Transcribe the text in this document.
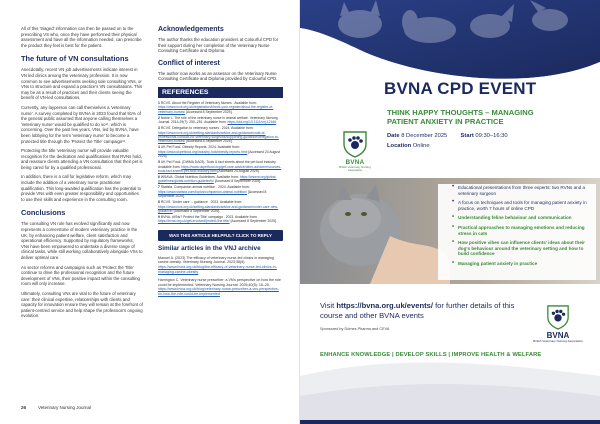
All of this 'triaged' information can then be passed on to the prescribing VS who, once they have performed their physical assessment and have all the information needed, can prescribe the product they feel is best for the patient.
The future of VN consultations
Anecdotally, recent VN job advertisements indicate interest in VN led clinics among the veterinary profession. It is now common to see advertisements seeking sole consulting VNs, or VNs to structure and expand a practice's VN consultations. This may be as a result of practices and their clients seeing the benefit of VN-led consultations.
Currently, any layperson can call themselves a 'veterinary nurse'. A survey completed by BVNA in 2023 found that 91% of the general public assumed that anyone calling themselves a 'veterinary nurse' would be qualified to do so¹¹, which is concerning. Over the past few years, VNs, led by BVNA, have been lobbying for the term 'veterinary nurse' to become a protected title through the 'Protect the Title' campaign¹².
Protecting the title 'veterinary nurse' will provide valuable recognition for the dedication and qualifications that RVNs hold, and reassure clients attending a VN consultation that their pet is being cared for by a qualified professional.
In addition, there is a call for legislative reform, which may include the addition of a veterinary nurse practitioner qualification. This long-awaited qualification has the potential to provide VNs with even greater responsibility and opportunities to use their skills and experience in the consulting room.
Conclusions
The consulting VN role has evolved significantly and now represents a cornerstone of modern veterinary practice in the UK, by enhancing patient welfare, client satisfaction and operational efficiency. Supported by regulatory frameworks, VNs have been empowered to undertake a diverse range of clinical tasks, while still working collaboratively alongside VSs to deliver optimal care.
As sector reforms and campaigns such as 'Protect the Title' continue to drive the professional recognition and the future development of VNs, their positive impact within the consulting room will only increase.
Ultimately, consulting VNs are vital to the future of veterinary care: their clinical expertise, relationships with clients and capacity for innovation ensure they will remain at the forefront of patient-centred service and help shape the profession's ongoing evolution.
Acknowledgements
The author thanks the education providers at Colourful CPD for their support during her completion of the Veterinary Nurse Consulting Certificate and Diploma.
Conflict of interest
The author now works as an assessor on the Veterinary Nurse Consulting Certificate and Diploma provided by Colourful CPD.
REFERENCES
1 RCVS. About the Register of Veterinary Nurses . Available from: https://www.rcvs.org.uk/registration/check-your-register/about-the-register-of-veterinary-nurses/ [Accessed 8 September 2025].
2 Noble L. The role of the veterinary nurse in animal welfare. Veterinary Nursing Journal. 2014;29(7): 250–251. Available from: https://doi.org/10.1111/vnj.12166
3 RCVS. Delegation to veterinary nurses . 2024. Available from: https://www.rcvs.org.uk/setting-standards/advice-and-guidance/code-of-professional-conduct-for-veterinary-surgeons/supporting-guidance/delegation-to-veterinary-nurses/ [Accessed 8 September 2025].
4 UK Pet Food. Obesity Reports. 2024. Available from: https://www.ukpetfood.org/industry-hub/obesity-reports.html [Accessed 24 August 2025].
5 UK Pet Food. (DWMA DA03). Tools & fact sheets about the pet food industry. Available from: https://www.ukpetfood.org/get-care-advice/other-advice/resources-tools-fact-sheets-pet-food-industry.html [Accessed 24 August 2025].
6 WSAVA. Global Nutrition Guidelines. Available from: https://wsava.org/global-guidelines/global-nutrition-guidelines/ [Accessed 8 September 2025].
7 Statista. Companion animal nutrition . 2024. Available from: https://www.statista.com/topics/companion-animal-nutrition/ [Accessed 8 September 2025].
8 RCVS. 'Under care' – guidance . 2023. Available from: https://www.rcvs.org.uk/setting-standards/advice-and-guidance/under-care-new-guidance/ [Accessed 8 September 2025].
9 BVNA. #VNs? Protect the Title' campaign . 2023. Available from: https://bvna.org.uk/get-involved/protect-the-title/ [Accessed 8 September 2025].
WAS THIS ARTICLE HELPFUL? CLICK TO REPLY
Similar articles in the VNJ archive
Manuel A. (2023) The efficacy of veterinary nurse-led clinics in managing canine obesity. Veterinary Nursing Journal. 2023;38(6). https://www.bvna.org.uk/blog/the-efficacy-of-veterinary-nurse-led-clinics-in-managing-canine-obesity
Harrington C. Veterinary nurse prescriber: a VN's perspective on how the role could be implemented. Veterinary Nursing Journal. 2025;40(5): 16–20. https://www.bvna.org.uk/blog/veterinary-nurse-prescriber-a-vns-perspective-on-how-the-role-could-be-implemented
26	Veterinary Nursing Journal
BVNA
British Veterinary Nursing Association
BVNA CPD EVENT
THINK HAPPY THOUGHTS – MANAGING
PATIENT ANXIETY IN PRACTICE
Date 8 December 2025 Start 09:30–16:30
Location Online
• Educational presentations from three experts: two RVNs and a veterinary surgeon
• A focus on techniques and tools for managing patient anxiety in practice, worth 7 hours of online CPD
• Understanding feline behaviour and communication
• Practical approaches to managing emotions and reducing stress in cats
• How positive vibes can influence clients' ideas about their dog's behaviour around the veterinary setting and how to build confidence
• Managing patient anxiety in practice
Visit https://bvna.org.uk/events/ for further details of this course and other BVNA events
Sponsored by Dômes Pharma and CEVA
BVNA
British Veterinary Nursing Association
ENHANCE KNOWLEDGE | DEVELOP SKILLS | IMPROVE HEALTH & WELFARE
